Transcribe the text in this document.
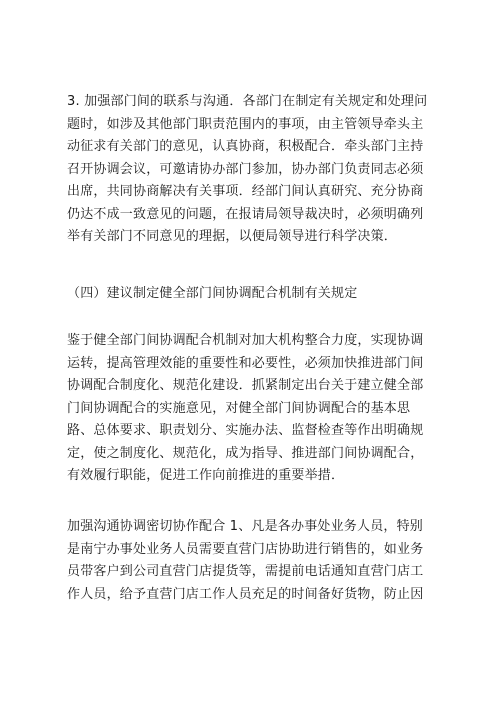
3. 加强部门间的联系与沟通．各部门在制定有关规定和处理问
题时，如涉及其他部门职责范围内的事项，由主管领导牵头主
动征求有关部门的意见，认真协商，积极配合．牵头部门主持
召开协调会议，可邀请协办部门参加，协办部门负责同志必须
出席，共同协商解决有关事项．经部门间认真研究、充分协商
仍达不成一致意见的问题，在报请局领导裁决时，必须明确列
举有关部门不同意见的理据，以便局领导进行科学决策．
（四）建议制定健全部门间协调配合机制有关规定
鉴于健全部门间协调配合机制对加大机构整合力度，实现协调
运转，提高管理效能的重要性和必要性，必须加快推进部门间
协调配合制度化、规范化建设．抓紧制定出台关于建立健全部
门间协调配合的实施意见，对健全部门间协调配合的基本思
路、总体要求、职责划分、实施办法、监督检查等作出明确规
定，使之制度化、规范化，成为指导、推进部门间协调配合，
有效履行职能，促进工作向前推进的重要举措．
加强沟通协调密切协作配合 1、凡是各办事处业务人员，特别
是南宁办事处业务人员需要直营门店协助进行销售的，如业务
员带客户到公司直营门店提货等，需提前电话通知直营门店工
作人员，给予直营门店工作人员充足的时间备好货物，防止因
